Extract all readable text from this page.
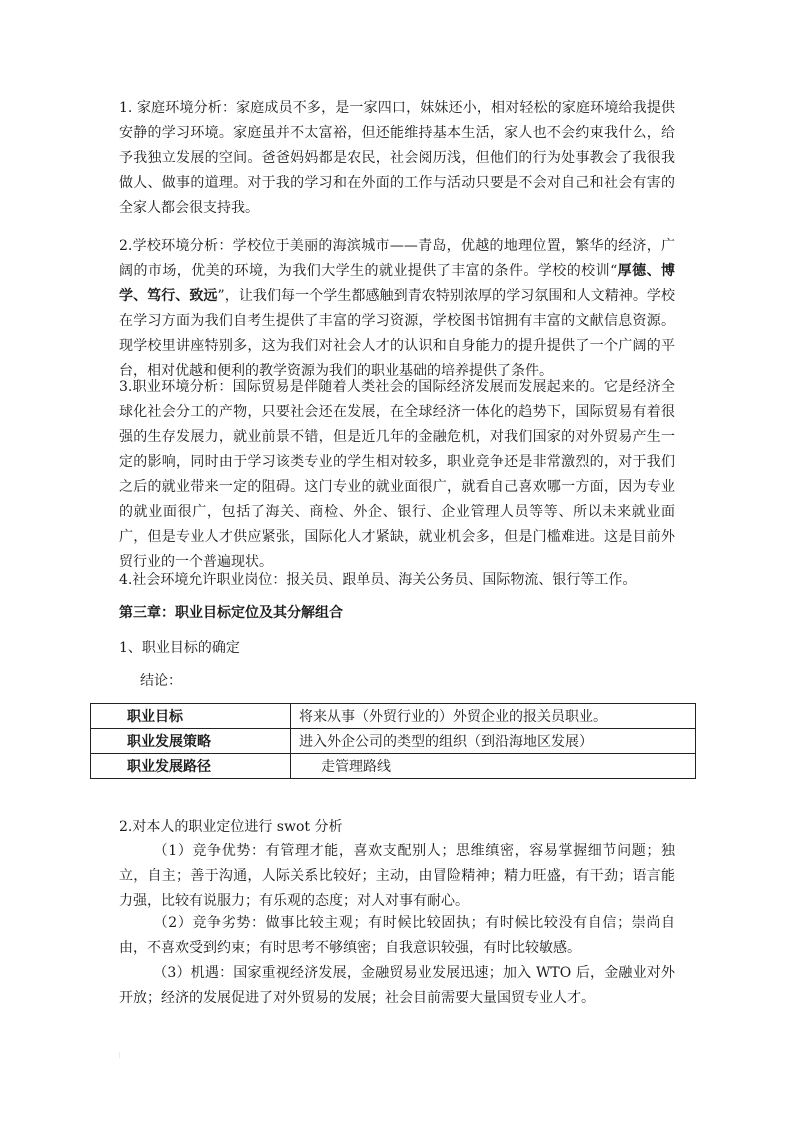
1. 家庭环境分析：家庭成员不多，是一家四口，妹妹还小，相对轻松的家庭环境给我提供安静的学习环境。家庭虽并不太富裕，但还能维持基本生活，家人也不会约束我什么，给予我独立发展的空间。爸爸妈妈都是农民，社会阅历浅，但他们的行为处事教会了我很我做人、做事的道理。对于我的学习和在外面的工作与活动只要是不会对自己和社会有害的全家人都会很支持我。

2.学校环境分析：学校位于美丽的海滨城市——青岛，优越的地理位置，繁华的经济，广阔的市场，优美的环境，为我们大学生的就业提供了丰富的条件。学校的校训“厚德、博学、笃行、致远”，让我们每一个学生都感触到青农特别浓厚的学习氛围和人文精神。学校在学习方面为我们自考生提供了丰富的学习资源，学校图书馆拥有丰富的文献信息资源。现学校里讲座特别多，这为我们对社会人才的认识和自身能力的提升提供了一个广阔的平台，相对优越和便利的教学资源为我们的职业基础的培养提供了条件。

3.职业环境分析：国际贸易是伴随着人类社会的国际经济发展而发展起来的。它是经济全球化社会分工的产物，只要社会还在发展，在全球经济一体化的趋势下，国际贸易有着很强的生存发展力，就业前景不错，但是近几年的金融危机，对我们国家的对外贸易产生一定的影响，同时由于学习该类专业的学生相对较多，职业竞争还是非常激烈的，对于我们之后的就业带来一定的阻碍。这门专业的就业面很广，就看自己喜欢哪一方面，因为专业的就业面很广，包括了海关、商检、外企、银行、企业管理人员等等、所以未来就业面广，但是专业人才供应紧张，国际化人才紧缺，就业机会多，但是门槛难进。这是目前外贸行业的一个普遍现状。

4.社会环境允许职业岗位：报关员、跟单员、海关公务员、国际物流、银行等工作。

第三章：职业目标定位及其分解组合

1、职业目标的确定

结论：

职业目标	将来从事（外贸行业的）外贸企业的报关员职业。
职业发展策略	进入外企公司的类型的组织（到沿海地区发展）
职业发展路径	走管理路线

2.对本人的职业定位进行 swot 分析

（1）竞争优势：有管理才能，喜欢支配别人；思维缜密，容易掌握细节问题；独立，自主；善于沟通，人际关系比较好；主动，由冒险精神；精力旺盛，有干劲；语言能力强，比较有说服力；有乐观的态度；对人对事有耐心。

（2）竞争劣势：做事比较主观；有时候比较固执；有时候比较没有自信；崇尚自由，不喜欢受到约束；有时思考不够缜密；自我意识较强，有时比较敏感。

（3）机遇：国家重视经济发展，金融贸易业发展迅速；加入 WTO 后，金融业对外开放；经济的发展促进了对外贸易的发展；社会目前需要大量国贸专业人才。
